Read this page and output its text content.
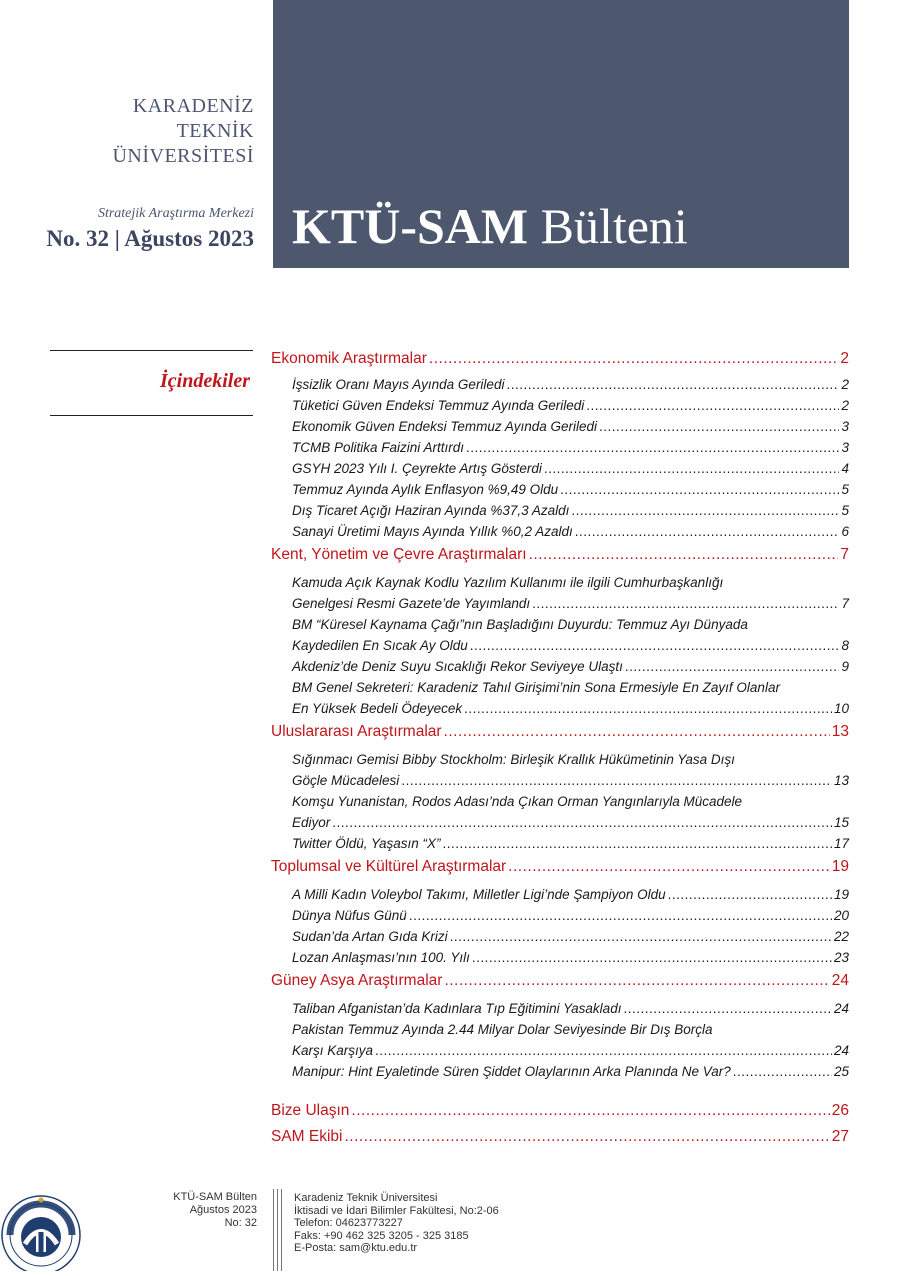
KARADENİZ
TEKNİK
ÜNİVERSİTESİ
Stratejik Araştırma Merkezi
No. 32 | Ağustos 2023 KTÜ-SAM Bülteni
İçindekiler
Ekonomik Araştırmalar .....	2
İşsizlik Oranı Mayıs Ayında Geriledi .....	2
Tüketici Güven Endeksi Temmuz Ayında Geriledi .....	2
Ekonomik Güven Endeksi Temmuz Ayında Geriledi .....	3
TCMB Politika Faizini Arttırdı .....	3
GSYH 2023 Yılı I. Çeyrekte Artış Gösterdi .....	4
Temmuz Ayında Aylık Enflasyon %9,49 Oldu .....	5
Dış Ticaret Açığı Haziran Ayında %37,3 Azaldı .....	5
Sanayi Üretimi Mayıs Ayında Yıllık %0,2 Azaldı .....	6
Kent, Yönetim ve Çevre Araştırmaları .....	7
Kamuda Açık Kaynak Kodlu Yazılım Kullanımı ile ilgili Cumhurbaşkanlığı
Genelgesi Resmi Gazete’de Yayımlandı .....	7
BM “Küresel Kaynama Çağı”nın Başladığını Duyurdu: Temmuz Ayı Dünyada
Kaydedilen En Sıcak Ay Oldu .....	8
Akdeniz’de Deniz Suyu Sıcaklığı Rekor Seviyeye Ulaştı .....	9
BM Genel Sekreteri: Karadeniz Tahıl Girişimi’nin Sona Ermesiyle En Zayıf Olanlar
En Yüksek Bedeli Ödeyecek .....	10
Uluslararası Araştırmalar .....	13
Sığınmacı Gemisi Bibby Stockholm: Birleşik Krallık Hükümetinin Yasa Dışı
Göçle Mücadelesi .....	13
Komşu Yunanistan, Rodos Adası’nda Çıkan Orman Yangınlarıyla Mücadele
Ediyor .....	15
Twitter Öldü, Yaşasın “X” .....	17
Toplumsal ve Kültürel Araştırmalar .....	19
A Milli Kadın Voleybol Takımı, Milletler Ligi’nde Şampiyon Oldu .....	19
Dünya Nüfus Günü .....	20
Sudan’da Artan Gıda Krizi .....	22
Lozan Anlaşması’nın 100. Yılı .....	23
Güney Asya Araştırmalar .....	24
Taliban Afganistan’da Kadınlara Tıp Eğitimini Yasakladı .....	24
Pakistan Temmuz Ayında 2.44 Milyar Dolar Seviyesinde Bir Dış Borçla
Karşı Karşıya .....	24
Manipur: Hint Eyaletinde Süren Şiddet Olaylarının Arka Planında Ne Var? .....	25
Bize Ulaşın .....	26
SAM Ekibi .....	27
KTÜ-SAM Bülten
Ağustos 2023
No: 32
Karadeniz Teknik Üniversitesi
İktisadi ve İdari Bilimler Fakültesi, No:2-06
Telefon: 04623773227
Faks: +90 462 325 3205 - 325 3185
E-Posta: sam@ktu.edu.tr
